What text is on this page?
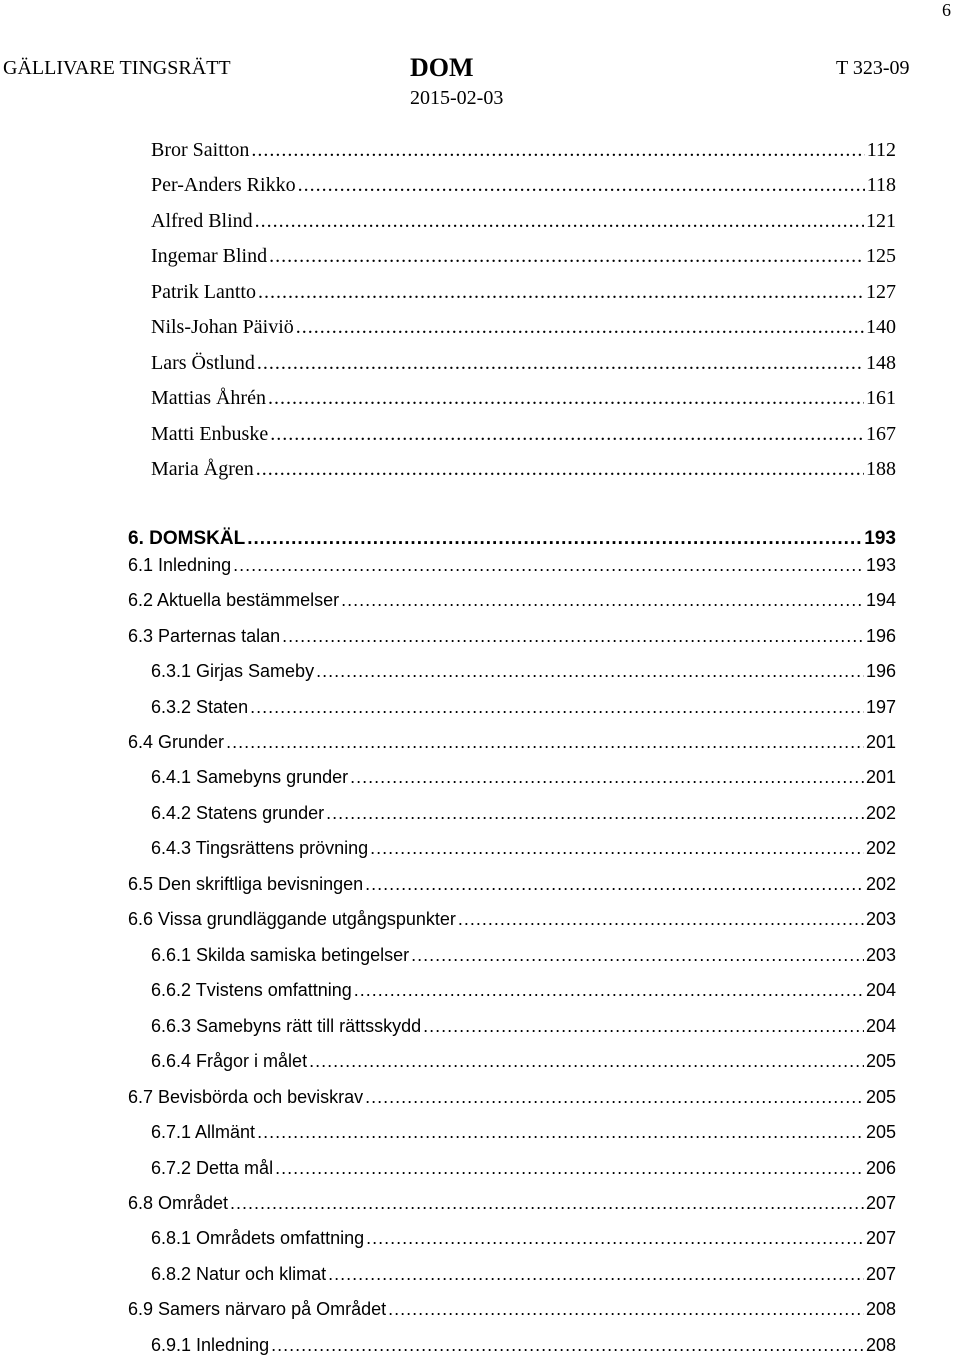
6
GÄLLIVARE TINGSRÄTT	DOM
2015-02-03
T 323-09
Bror Saitton .....	112
Per-Anders Rikko .....	118
Alfred Blind .....	121
Ingemar Blind .....	125
Patrik Lantto .....	127
Nils-Johan Päiviö .....	140
Lars Östlund .....	148
Mattias Åhrén .....	161
Matti Enbuske .....	167
Maria Ågren .....	188
6. DOMSKÄL .....	193
6.1 Inledning .....	193
6.2 Aktuella bestämmelser .....	194
6.3 Parternas talan .....	196
6.3.1 Girjas Sameby .....	196
6.3.2 Staten .....	197
6.4 Grunder .....	201
6.4.1 Samebyns grunder .....	201
6.4.2 Statens grunder .....	202
6.4.3 Tingsrättens prövning .....	202
6.5 Den skriftliga bevisningen .....	202
6.6 Vissa grundläggande utgångspunkter .....	203
6.6.1 Skilda samiska betingelser .....	203
6.6.2 Tvistens omfattning .....	204
6.6.3 Samebyns rätt till rättsskydd .....	204
6.6.4 Frågor i målet .....	205
6.7 Bevisbörda och beviskrav .....	205
6.7.1 Allmänt .....	205
6.7.2 Detta mål .....	206
6.8 Området .....	207
6.8.1 Områdets omfattning .....	207
6.8.2 Natur och klimat .....	207
6.9 Samers närvaro på Området .....	208
6.9.1 Inledning .....	208
